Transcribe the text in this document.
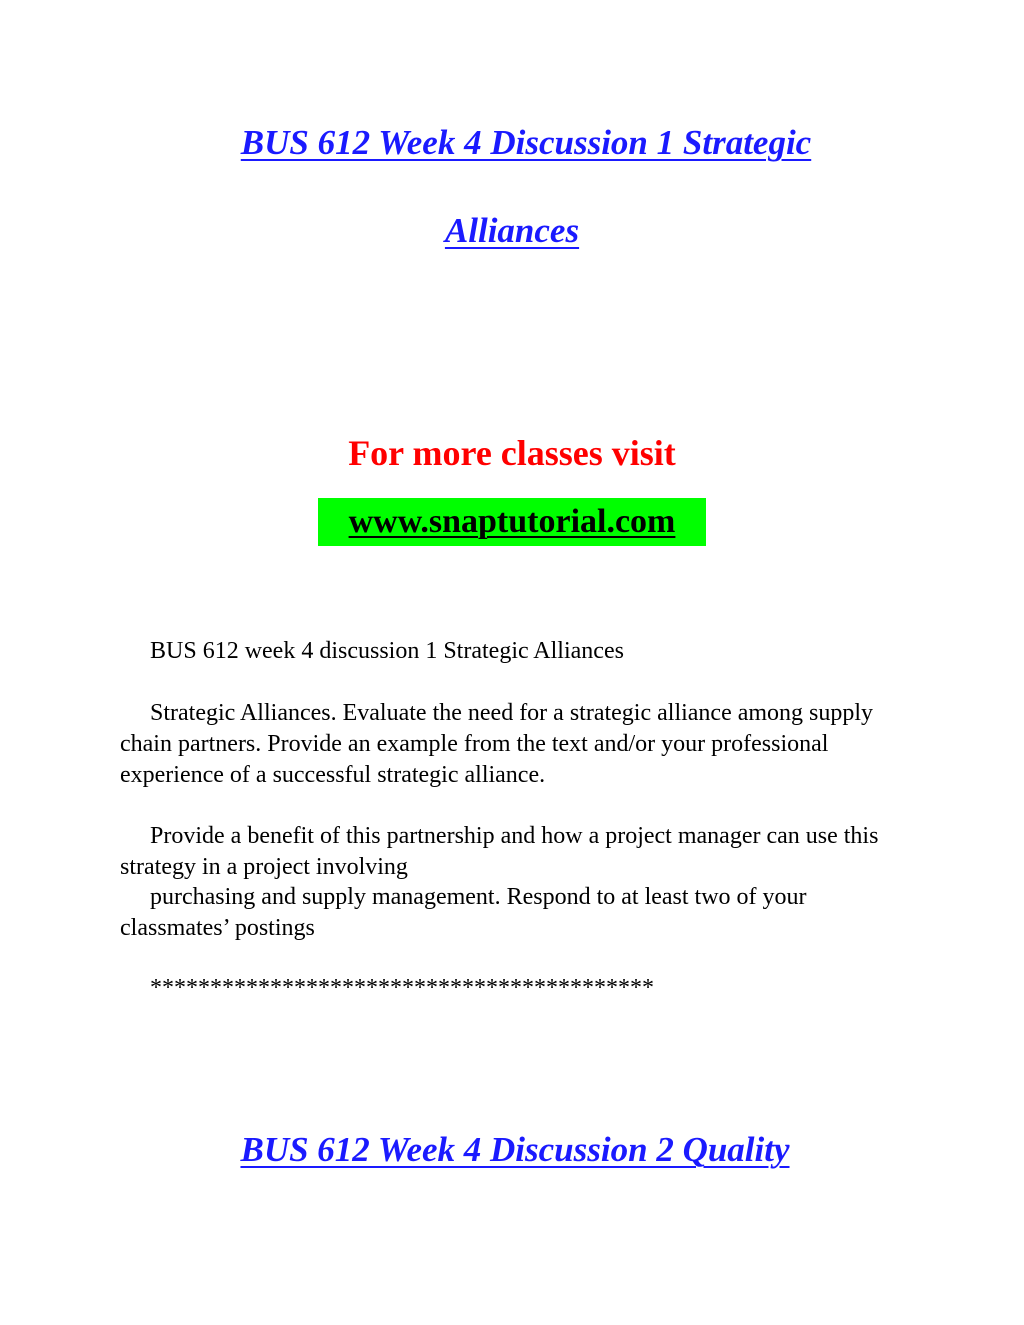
BUS 612 Week 4 Discussion 1 Strategic
Alliances
For more classes visit
www.snaptutorial.com

BUS 612 week 4 discussion 1 Strategic Alliances

Strategic Alliances. Evaluate the need for a strategic alliance among supply chain partners. Provide an example from the text and/or your professional experience of a successful strategic alliance.

Provide a benefit of this partnership and how a project manager can use this strategy in a project involving

purchasing and supply management. Respond to at least two of your classmates’ postings

******************************************

BUS 612 Week 4 Discussion 2 Quality
